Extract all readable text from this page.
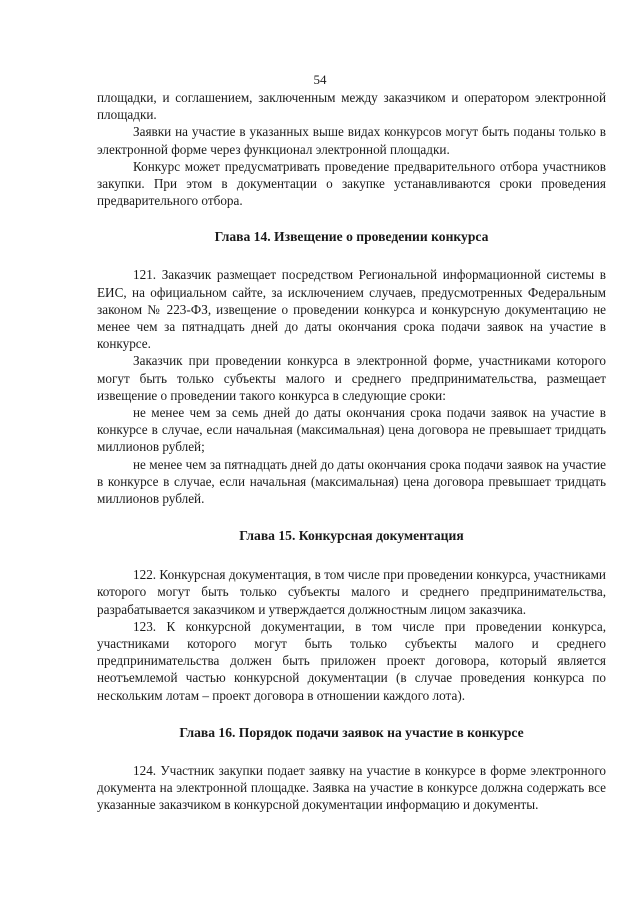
54

площадки, и соглашением, заключенным между заказчиком и оператором электронной площадки.

Заявки на участие в указанных выше видах конкурсов могут быть поданы только в электронной форме через функционал электронной площадки.

Конкурс может предусматривать проведение предварительного отбора участников закупки. При этом в документации о закупке устанавливаются сроки проведения предварительного отбора.

Глава 14. Извещение о проведении конкурса

121. Заказчик размещает посредством Региональной информационной системы в ЕИС, на официальном сайте, за исключением случаев, предусмотренных Федеральным законом № 223-ФЗ, извещение о проведении конкурса и конкурсную документацию не менее чем за пятнадцать дней до даты окончания срока подачи заявок на участие в конкурсе.

Заказчик при проведении конкурса в электронной форме, участниками которого могут быть только субъекты малого и среднего предпринимательства, размещает извещение о проведении такого конкурса в следующие сроки:

не менее чем за семь дней до даты окончания срока подачи заявок на участие в конкурсе в случае, если начальная (максимальная) цена договора не превышает тридцать миллионов рублей;

не менее чем за пятнадцать дней до даты окончания срока подачи заявок на участие в конкурсе в случае, если начальная (максимальная) цена договора превышает тридцать миллионов рублей.

Глава 15. Конкурсная документация

122. Конкурсная документация, в том числе при проведении конкурса, участниками которого могут быть только субъекты малого и среднего предпринимательства, разрабатывается заказчиком и утверждается должностным лицом заказчика.

123. К конкурсной документации, в том числе при проведении конкурса, участниками которого могут быть только субъекты малого и среднего предпринимательства должен быть приложен проект договора, который является неотъемлемой частью конкурсной документации (в случае проведения конкурса по нескольким лотам – проект договора в отношении каждого лота).

Глава 16. Порядок подачи заявок на участие в конкурсе

124. Участник закупки подает заявку на участие в конкурсе в форме электронного документа на электронной площадке. Заявка на участие в конкурсе должна содержать все указанные заказчиком в конкурсной документации информацию и документы.
